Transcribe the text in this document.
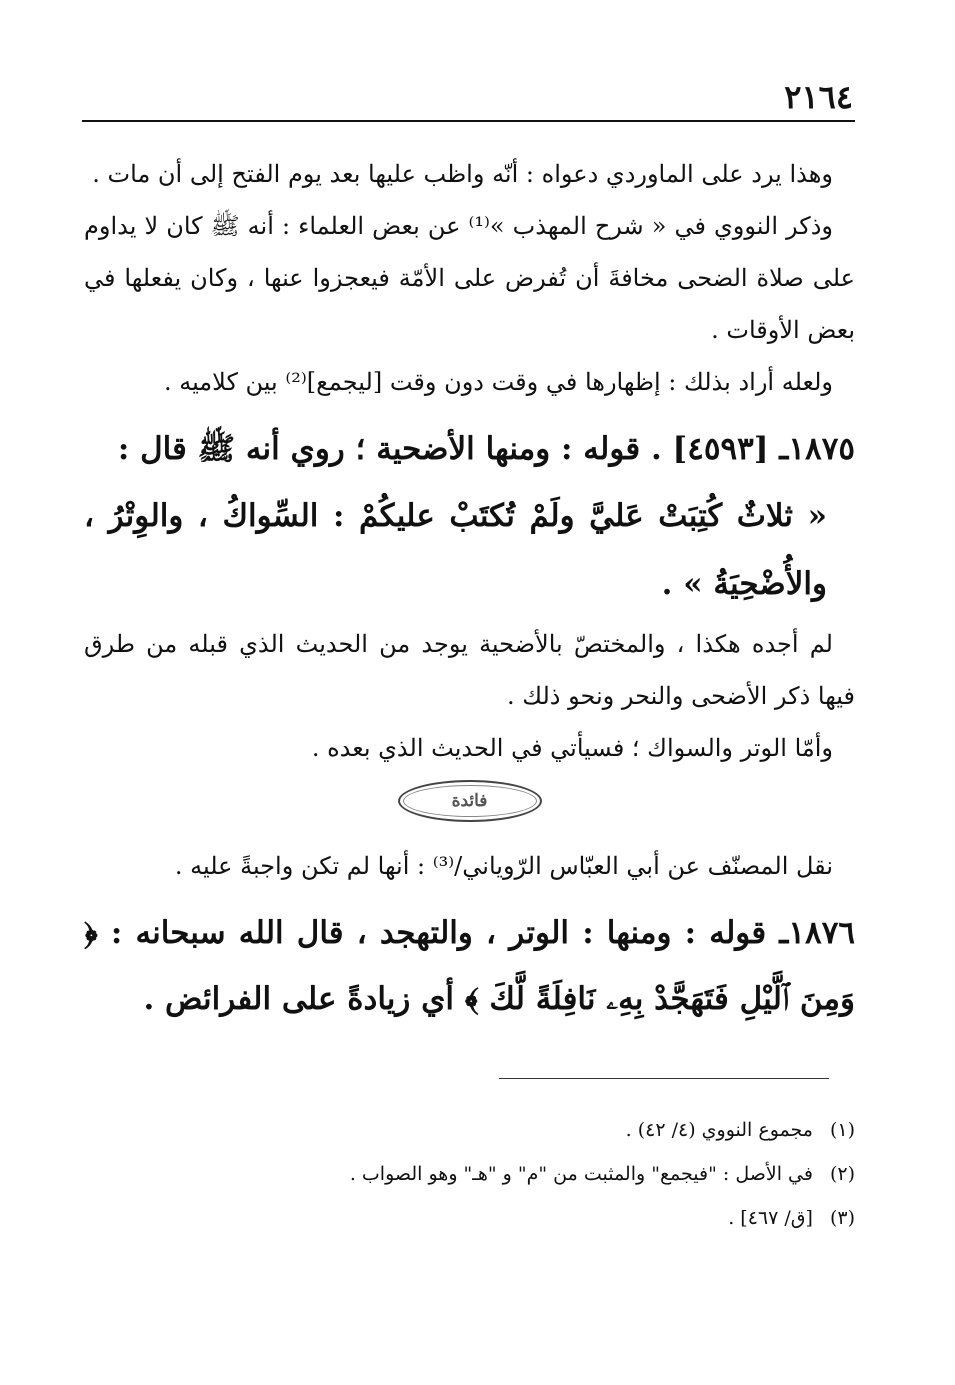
٢١٦٤

وهذا يرد على الماوردي دعواه : أنّه واظب عليها بعد يوم الفتح إلى أن مات .

وذكر النووي في « شرح المهذب »⁽¹⁾ عن بعض العلماء : أنه ﷺ كان لا يداوم على صلاة الضحى مخافةَ أن تُفرض على الأمّة فيعجزوا عنها ، وكان يفعلها في بعض الأوقات .

ولعله أراد بذلك : إظهارها في وقت دون وقت [ليجمع]⁽²⁾ بين كلاميه .

١٨٧٥ـ [٤٥٩٣] . قوله : ومنها الأضحية ؛ روي أنه ﷺ قال :

« ثلاثٌ كُتِبَتْ عَليَّ ولَمْ تُكتَبْ عليكُمْ : السِّواكُ ، والوِتْرُ ، والأُضْحِيَةُ » .

لم أجده هكذا ، والمختصّ بالأضحية يوجد من الحديث الذي قبله من طرق فيها ذكر الأضحى والنحر ونحو ذلك .

وأمّا الوتر والسواك ؛ فسيأتي في الحديث الذي بعده .

فائدة

نقل المصنّف عن أبي العبّاس الرّوياني/⁽³⁾ : أنها لم تكن واجبةً عليه .

١٨٧٦ـ قوله : ومنها : الوتر ، والتهجد ، قال الله سبحانه : ﴿ وَمِنَ ٱلَّيْلِ فَتَهَجَّدْ بِهِۦ نَافِلَةً لَّكَ ﴾ أي زيادةً على الفرائض .

(١) مجموع النووي (٤/ ٤٢) .
(٢) في الأصل : "فيجمع" والمثبت من "م" و "هـ" وهو الصواب .
(٣) [ق/ ٤٦٧] .
